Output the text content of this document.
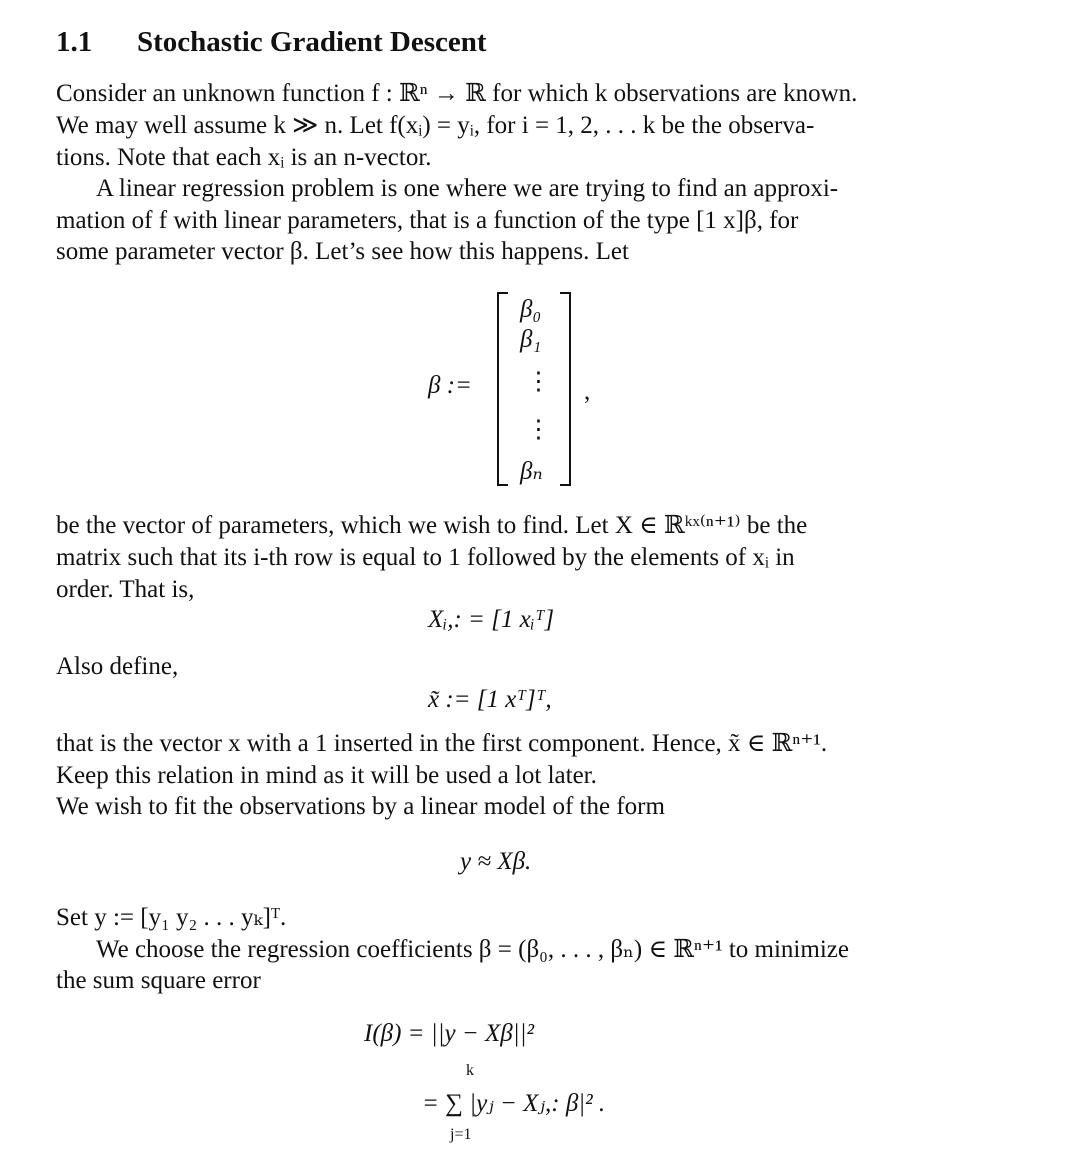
1.1 Stochastic Gradient Descent
Consider an unknown function f : ℝⁿ → ℝ for which k observations are known.
We may well assume k ≫ n. Let f(xᵢ) = yᵢ, for i = 1, 2, . . . k be the observa-
tions. Note that each xᵢ is an n-vector.
A linear regression problem is one where we are trying to find an approxi-
mation of f with linear parameters, that is a function of the type [1 x]β, for
some parameter vector β. Let’s see how this happens. Let
β :=
β₀
β₁
⋮
⋮
βₙ
,
be the vector of parameters, which we wish to find. Let X ∈ ℝᵏˣ⁽ⁿ⁺¹⁾ be the
matrix such that its i-th row is equal to 1 followed by the elements of xᵢ in
order. That is,
Xᵢ,: = [1 xᵢᵀ]
Also define,
x̃ := [1 xᵀ]ᵀ,
that is the vector x with a 1 inserted in the first component. Hence, x̃ ∈ ℝⁿ⁺¹.
Keep this relation in mind as it will be used a lot later.
We wish to fit the observations by a linear model of the form
y ≈ Xβ.
Set y := [y₁ y₂ . . . yₖ]ᵀ.
We choose the regression coefficients β = (β₀, . . . , βₙ) ∈ ℝⁿ⁺¹ to minimize
the sum square error
I(β) = ||y − Xβ||²
k
= ∑ |yⱼ − Xⱼ,: β|² .
j=1
